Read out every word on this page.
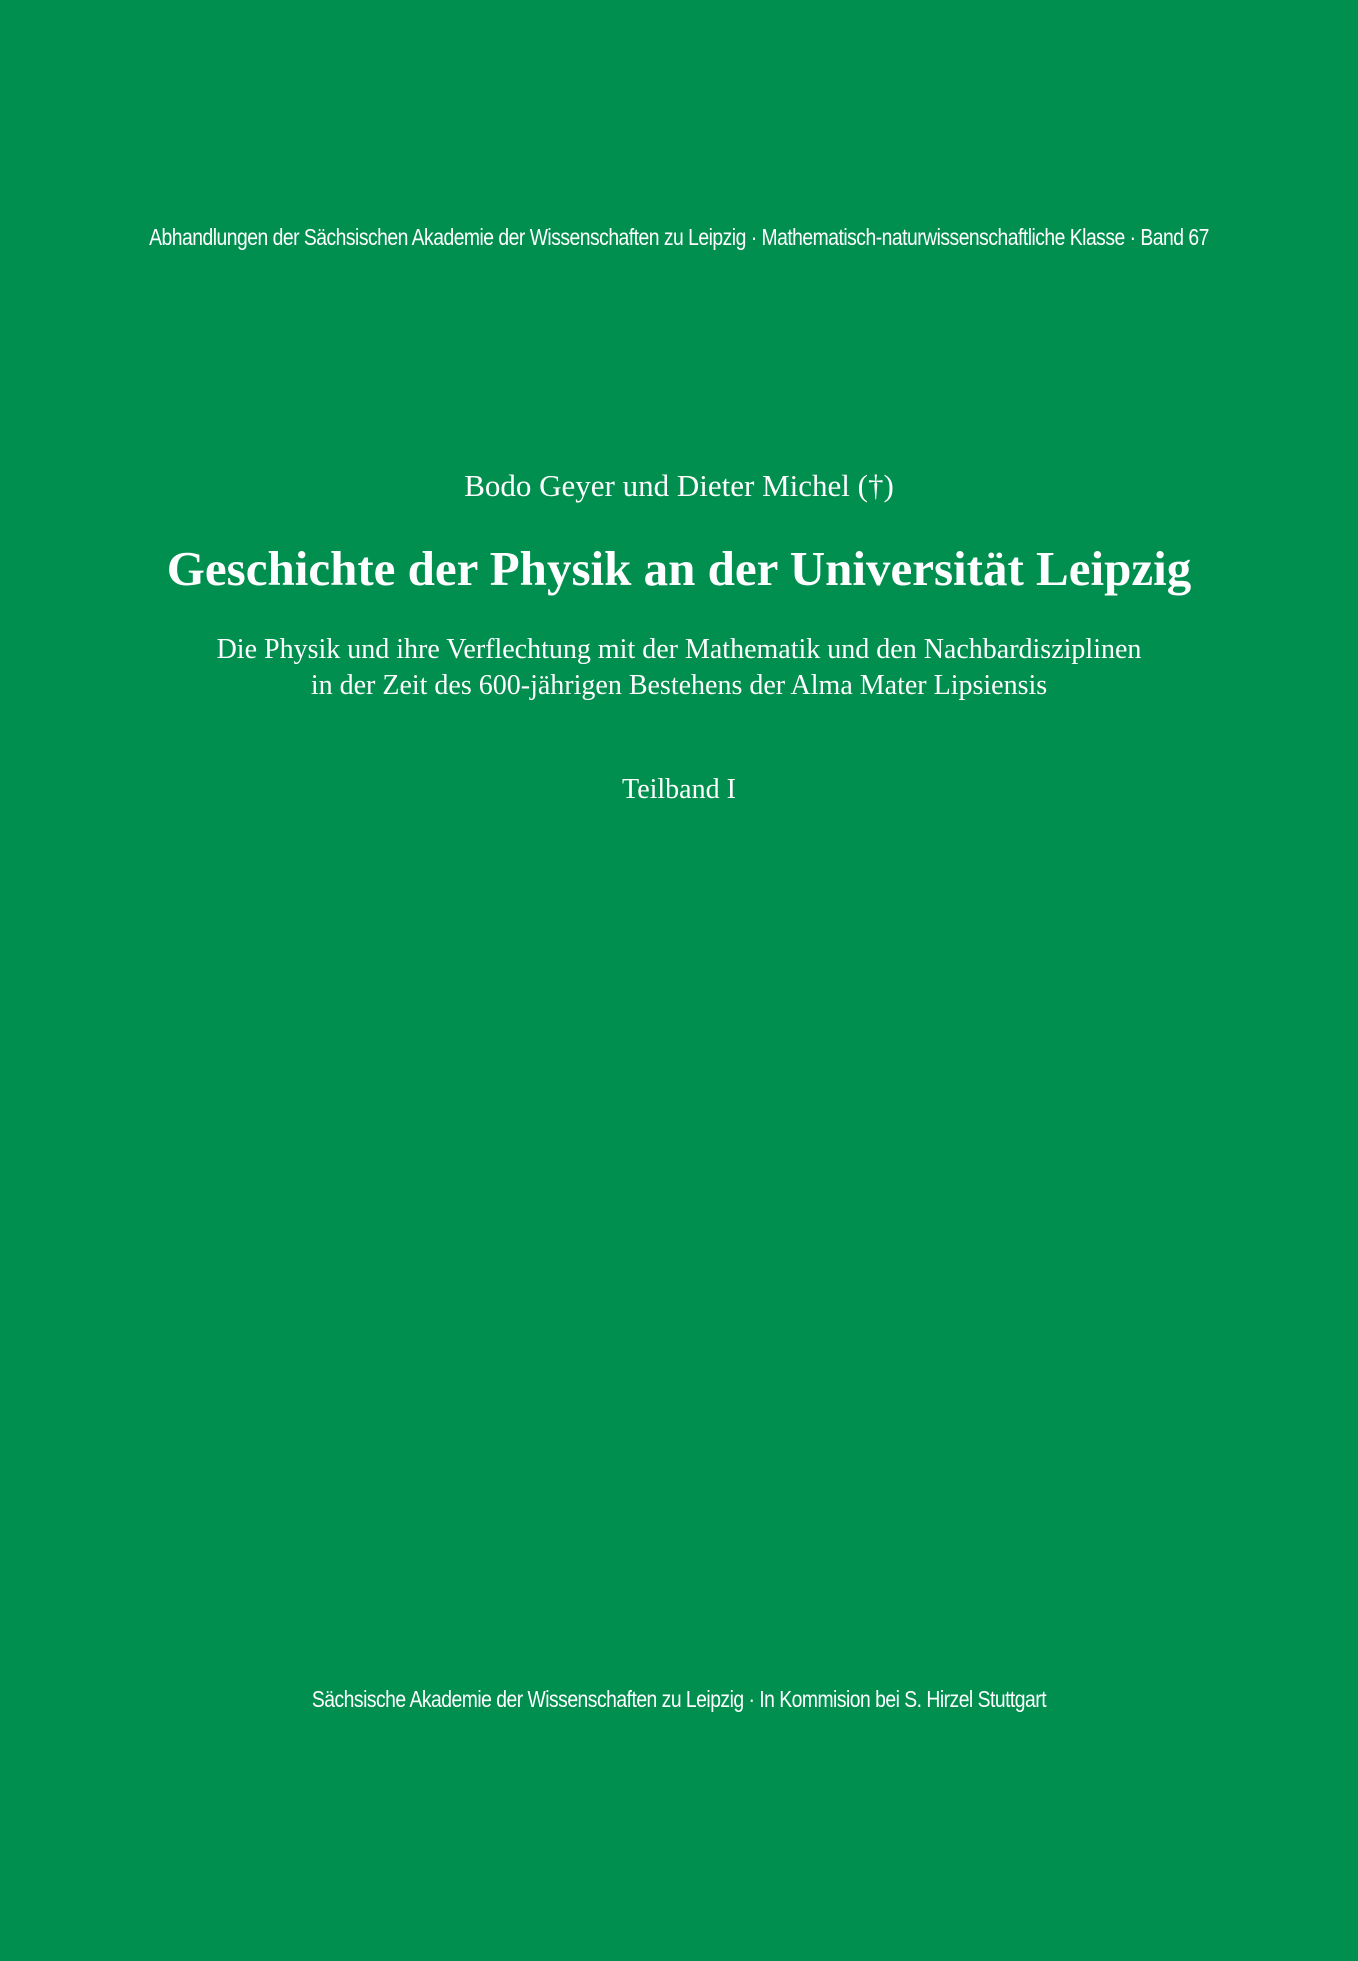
Abhandlungen der Sächsischen Akademie der Wissenschaften zu Leipzig · Mathematisch-naturwissenschaftliche Klasse · Band 67
Bodo Geyer und Dieter Michel (†)
Geschichte der Physik an der Universität Leipzig
Die Physik und ihre Verflechtung mit der Mathematik und den Nachbardisziplinen
in der Zeit des 600-jährigen Bestehens der Alma Mater Lipsiensis
Teilband I
Sächsische Akademie der Wissenschaften zu Leipzig · In Kommision bei S. Hirzel Stuttgart
